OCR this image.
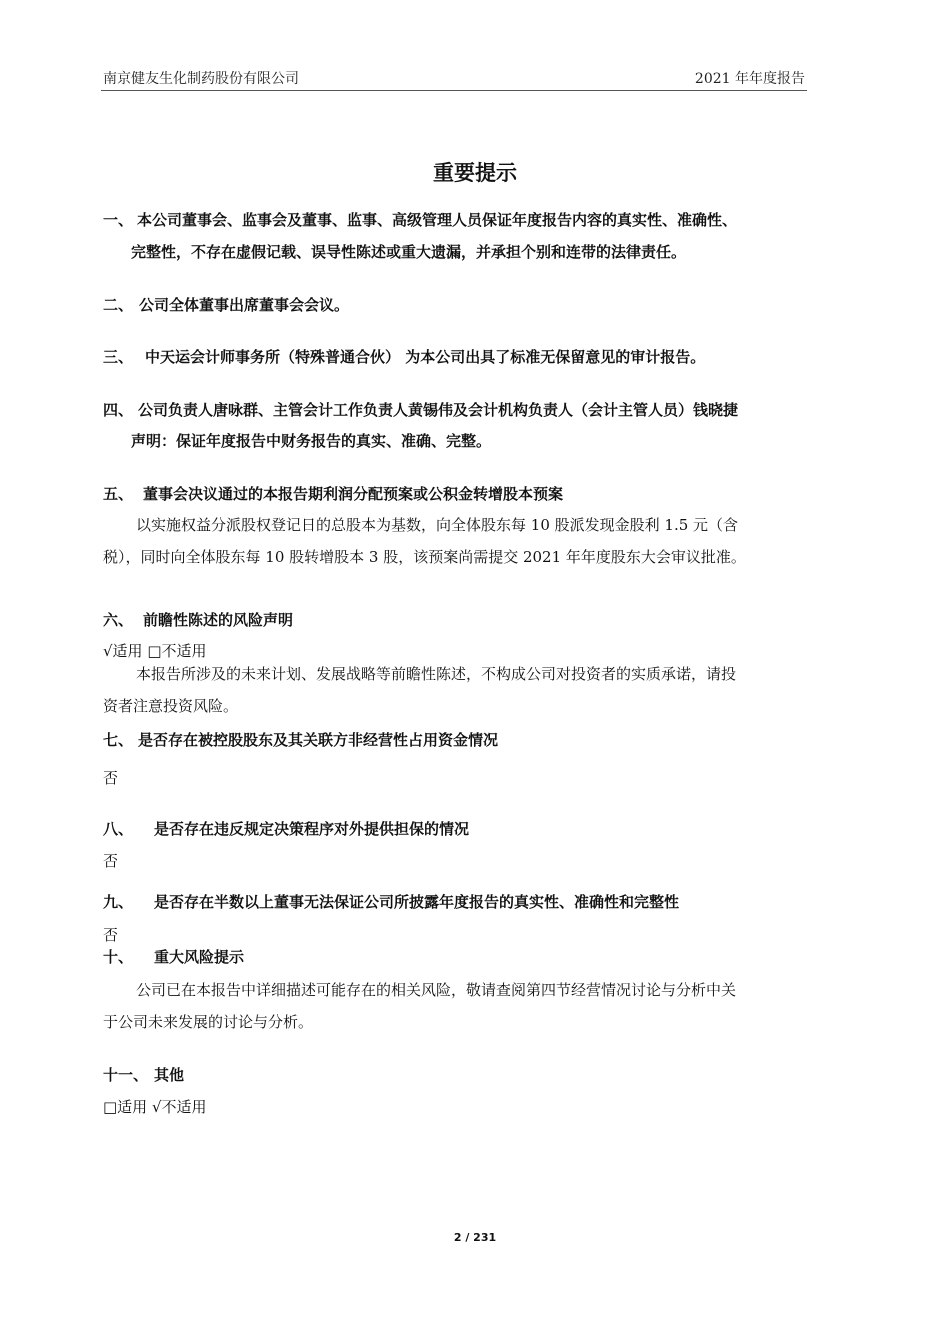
南京健友生化制药股份有限公司	2021 年年度报告
重要提示
一、 本公司董事会、监事会及董事、监事、高级管理人员保证年度报告内容的真实性、准确性、
完整性，不存在虚假记载、误导性陈述或重大遗漏，并承担个别和连带的法律责任。
二、 公司全体董事出席董事会会议。
三、 中天运会计师事务所（特殊普通合伙） 为本公司出具了标准无保留意见的审计报告。
四、 公司负责人唐咏群、主管会计工作负责人黄锡伟及会计机构负责人（会计主管人员）钱晓捷
声明：保证年度报告中财务报告的真实、准确、完整。
五、 董事会决议通过的本报告期利润分配预案或公积金转增股本预案
以实施权益分派股权登记日的总股本为基数，向全体股东每 10 股派发现金股利 1.5 元（含
税），同时向全体股东每 10 股转增股本 3 股，该预案尚需提交 2021 年年度股东大会审议批准。
六、 前瞻性陈述的风险声明
√适用 □不适用
本报告所涉及的未来计划、发展战略等前瞻性陈述，不构成公司对投资者的实质承诺，请投
资者注意投资风险。
七、 是否存在被控股股东及其关联方非经营性占用资金情况
否
八、 是否存在违反规定决策程序对外提供担保的情况
否
九、 是否存在半数以上董事无法保证公司所披露年度报告的真实性、准确性和完整性
否
十、 重大风险提示
公司已在本报告中详细描述可能存在的相关风险，敬请查阅第四节经营情况讨论与分析中关
于公司未来发展的讨论与分析。
十一、 其他
□适用 √不适用
2 / 231
